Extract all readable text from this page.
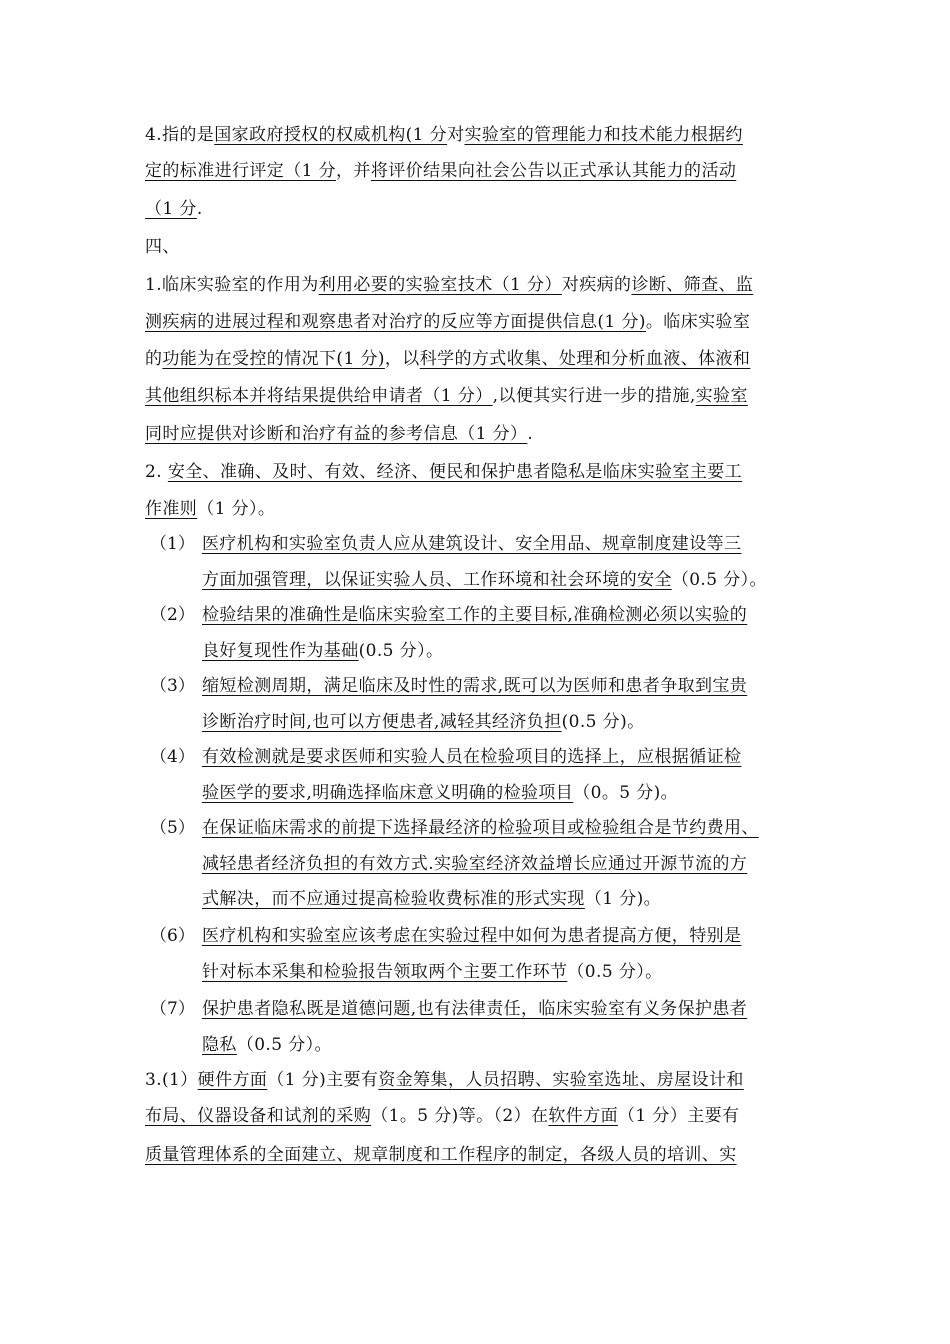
4.指的是国家政府授权的权威机构(1 分对实验室的管理能力和技术能力根据约
定的标准进行评定（1 分，并将评价结果向社会公告以正式承认其能力的活动
（1 分.
四、
1.临床实验室的作用为利用必要的实验室技术（1 分）对疾病的诊断、筛查、监
测疾病的进展过程和观察患者对治疗的反应等方面提供信息(1 分)。临床实验室
的功能为在受控的情况下(1 分)，以科学的方式收集、处理和分析血液、体液和
其他组织标本并将结果提供给申请者（1 分）,以便其实行进一步的措施,实验室
同时应提供对诊断和治疗有益的参考信息（1 分）.
2. 安全、准确、及时、有效、经济、便民和保护患者隐私是临床实验室主要工
作准则（1 分）。
医疗机构和实验室负责人应从建筑设计、安全用品、规章制度建设等三
方面加强管理，以保证实验人员、工作环境和社会环境的安全（0.5 分）。
检验结果的准确性是临床实验室工作的主要目标,准确检测必须以实验的
良好复现性作为基础(0.5 分）。
缩短检测周期，满足临床及时性的需求,既可以为医师和患者争取到宝贵
诊断治疗时间,也可以方便患者,减轻其经济负担(0.5 分)。
有效检测就是要求医师和实验人员在检验项目的选择上，应根据循证检
验医学的要求,明确选择临床意义明确的检验项目（0。5 分)。
在保证临床需求的前提下选择最经济的检验项目或检验组合是节约费用、
减轻患者经济负担的有效方式.实验室经济效益增长应通过开源节流的方
式解决，而不应通过提高检验收费标准的形式实现（1 分)。
医疗机构和实验室应该考虑在实验过程中如何为患者提高方便，特别是
针对标本采集和检验报告领取两个主要工作环节（0.5 分）。
保护患者隐私既是道德问题,也有法律责任，临床实验室有义务保护患者
隐私（0.5 分）。
3.(1）硬件方面（1 分)主要有资金筹集，人员招聘、实验室选址、房屋设计和
布局、仪器设备和试剂的采购（1。5 分)等。（2）在软件方面（1 分）主要有
质量管理体系的全面建立、规章制度和工作程序的制定，各级人员的培训、实
（1）
（2）
（3）
（4）
（5）
（6）
（7）
